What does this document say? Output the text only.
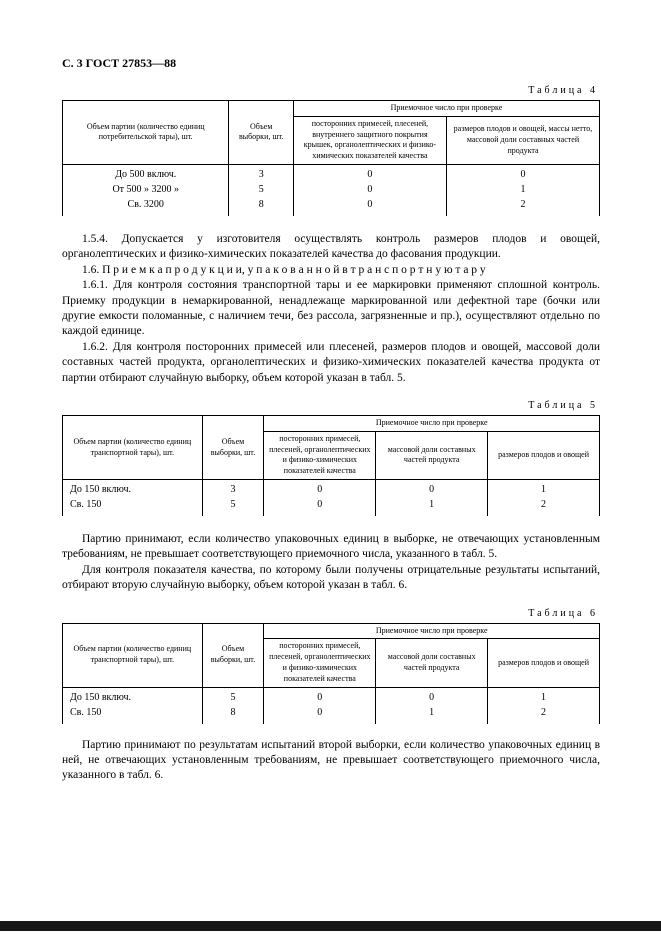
С. 3 ГОСТ 27853—88
Таблица 4
Объем партии (количество единиц потребительской тары), шт.	Объем выборки, шт.	Приемочное число при проверке	
		посторонних примесей, плесеней, внутреннего защитного покрытия крышек, органолептических и физико-химических показателей качества	размеров плодов и овощей, массы нетто, массовой доли составных частей продукта
До 500 включ.	3	0	0
От 500 » 3200 »	5	0	1
Св. 3200	8	0	2

1.5.4. Допускается у изготовителя осуществлять контроль размеров плодов и овощей, органолептических и физико-химических показателей качества до фасования продукции.

1.6. П р и е м к а п р о д у к ц и и, у п а к о в а н н о й в т р а н с п о р т н у ю т а р у

1.6.1. Для контроля состояния транспортной тары и ее маркировки применяют сплошной контроль. Приемку продукции в немаркированной, ненадлежаще маркированной или дефектной таре (бочки или другие емкости поломанные, с наличием течи, без рассола, загрязненные и пр.), осуществляют отдельно по каждой единице.

1.6.2. Для контроля посторонних примесей или плесеней, размеров плодов и овощей, массовой доли составных частей продукта, органолептических и физико-химических показателей качества продукта от партии отбирают случайную выборку, объем которой указан в табл. 5.

Таблица 5
Объем партии (количество единиц транспортной тары), шт.	Объем выборки, шт.	Приемочное число при проверке		
		посторонних примесей, плесеней, органолептических и физико-химических показателей качества	массовой доли составных частей продукта	размеров плодов и овощей
До 150 включ.	3	0	0	1
Св. 150	5	0	1	2

Партию принимают, если количество упаковочных единиц в выборке, не отвечающих установленным требованиям, не превышает соответствующего приемочного числа, указанного в табл. 5.

Для контроля показателя качества, по которому были получены отрицательные результаты испытаний, отбирают вторую случайную выборку, объем которой указан в табл. 6.

Таблица 6
Объем партии (количество единиц транспортной тары), шт.	Объем выборки, шт.	Приемочное число при проверке		
		посторонних примесей, плесеней, органолептических и физико-химических показателей качества	массовой доли составных частей продукта	размеров плодов и овощей
До 150 включ.	5	0	0	1
Св. 150	8	0	1	2

Партию принимают по результатам испытаний второй выборки, если количество упаковочных единиц в ней, не отвечающих установленным требованиям, не превышает соответствующего приемочного числа, указанного в табл. 6.
